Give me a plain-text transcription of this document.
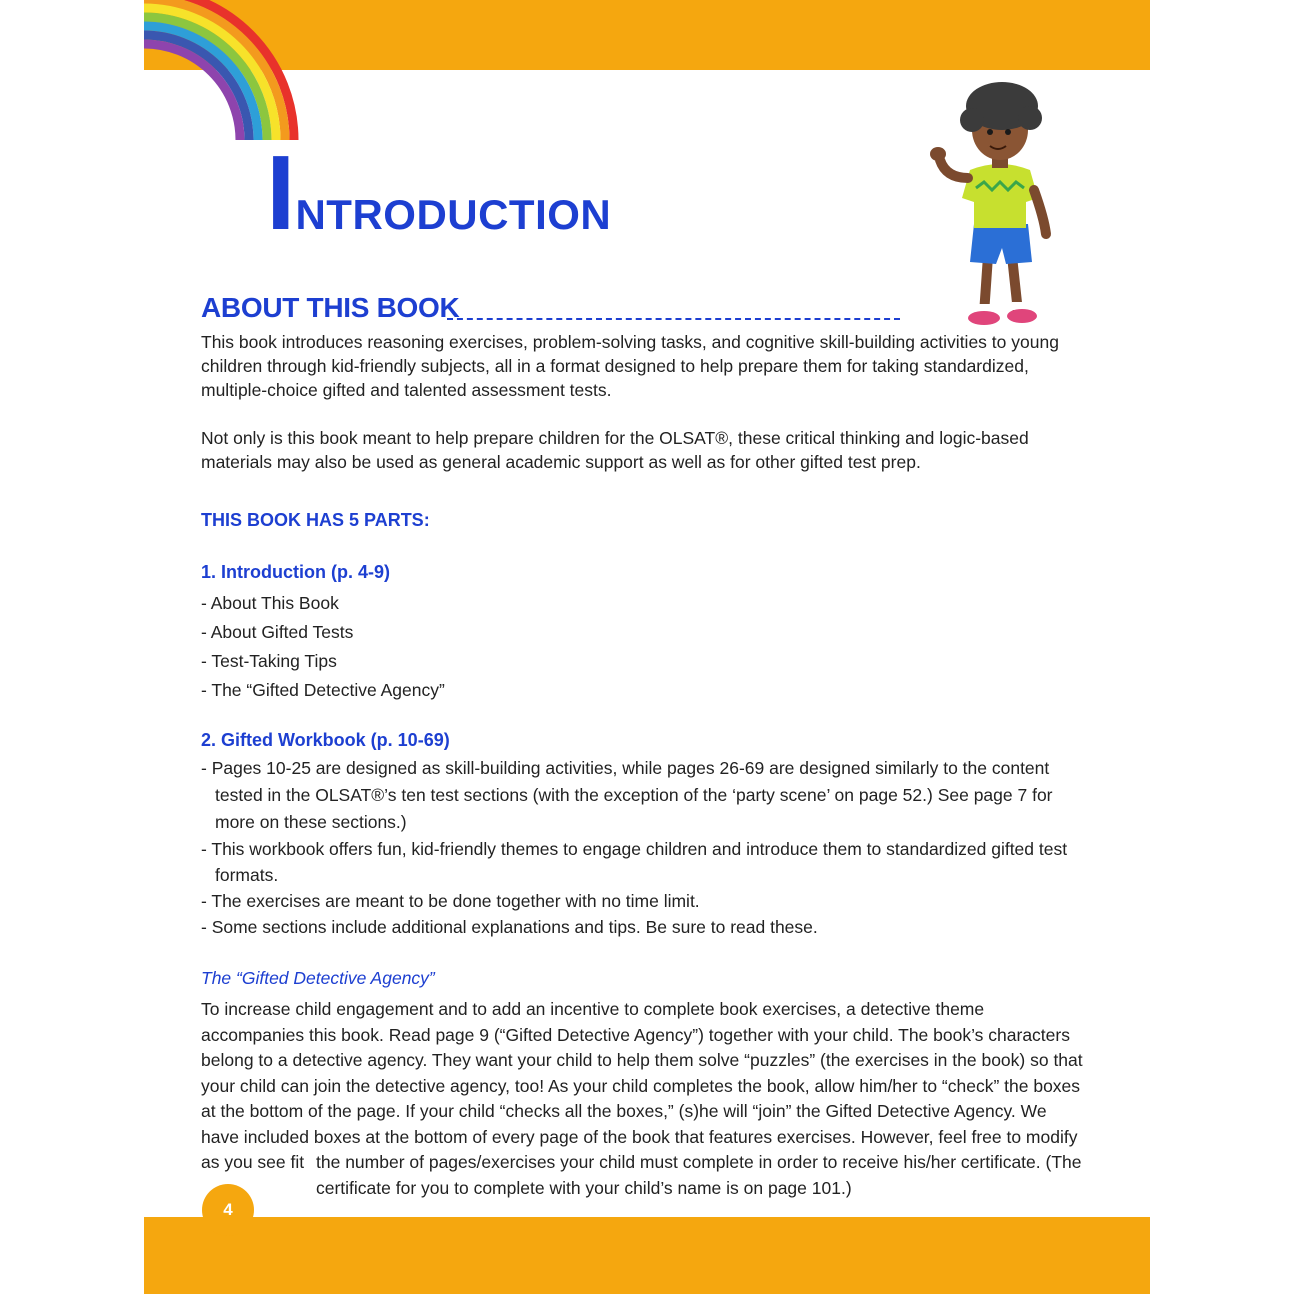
INTRODUCTION
ABOUT THIS BOOK

This book introduces reasoning exercises, problem-solving tasks, and cognitive skill-building activities to young children through kid-friendly subjects, all in a format designed to help prepare them for taking standardized, multiple-choice gifted and talented assessment tests.

Not only is this book meant to help prepare children for the OLSAT®, these critical thinking and logic-based materials may also be used as general academic support as well as for other gifted test prep.

THIS BOOK HAS 5 PARTS:
1. Introduction (p. 4-9)
- About This Book
- About Gifted Tests
- Test-Taking Tips
- The “Gifted Detective Agency”
2. Gifted Workbook (p. 10-69)
- Pages 10-25 are designed as skill-building activities, while pages 26-69 are designed similarly to the content tested in the OLSAT®’s ten test sections (with the exception of the ‘party scene’ on page 52.) See page 7 for more on these sections.)
- This workbook offers fun, kid-friendly themes to engage children and introduce them to standardized gifted test formats.
- The exercises are meant to be done together with no time limit.
- Some sections include additional explanations and tips. Be sure to read these.
The “Gifted Detective Agency”

To increase child engagement and to add an incentive to complete book exercises, a detective theme accompanies this book. Read page 9 (“Gifted Detective Agency”) together with your child. The book’s characters belong to a detective agency. They want your child to help them solve “puzzles” (the exercises in the book) so that your child can join the detective agency, too! As your child completes the book, allow him/her to “check” the boxes at the bottom of the page. If your child “checks all the boxes,” (s)he will “join” the Gifted Detective Agency. We have included boxes at the bottom of every page of the book that features exercises. However, feel free to modify as you see fit the number of pages/exercises your child must complete in order to receive his/her certificate. (The certificate for you to complete with your child’s name is on page 101.)

4
